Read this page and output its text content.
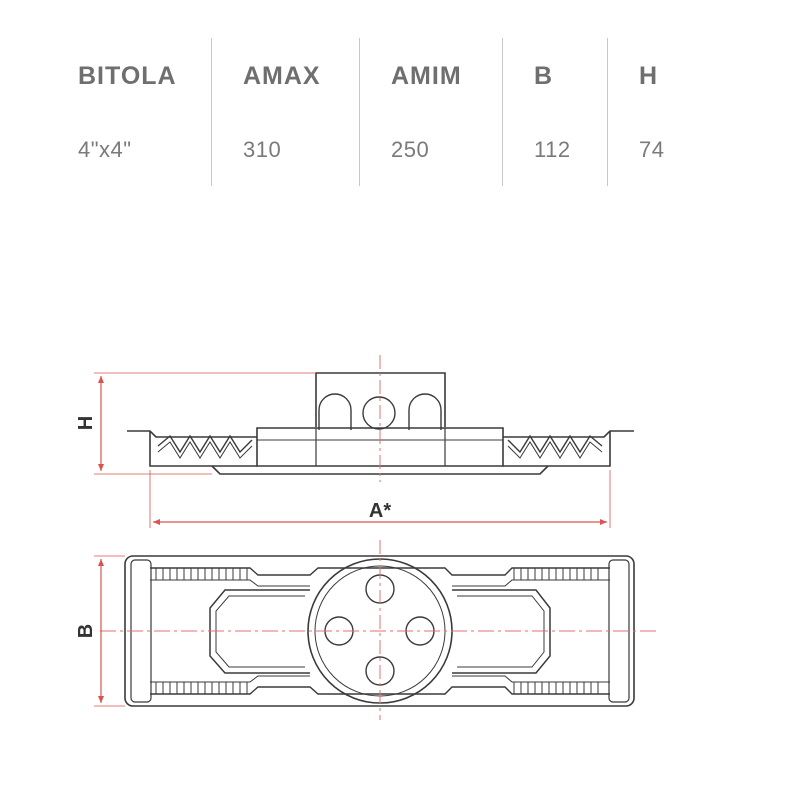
BITOLA
4"x4"
AMAX
310
AMIM
250
B
112
H
74
H
A*
B
